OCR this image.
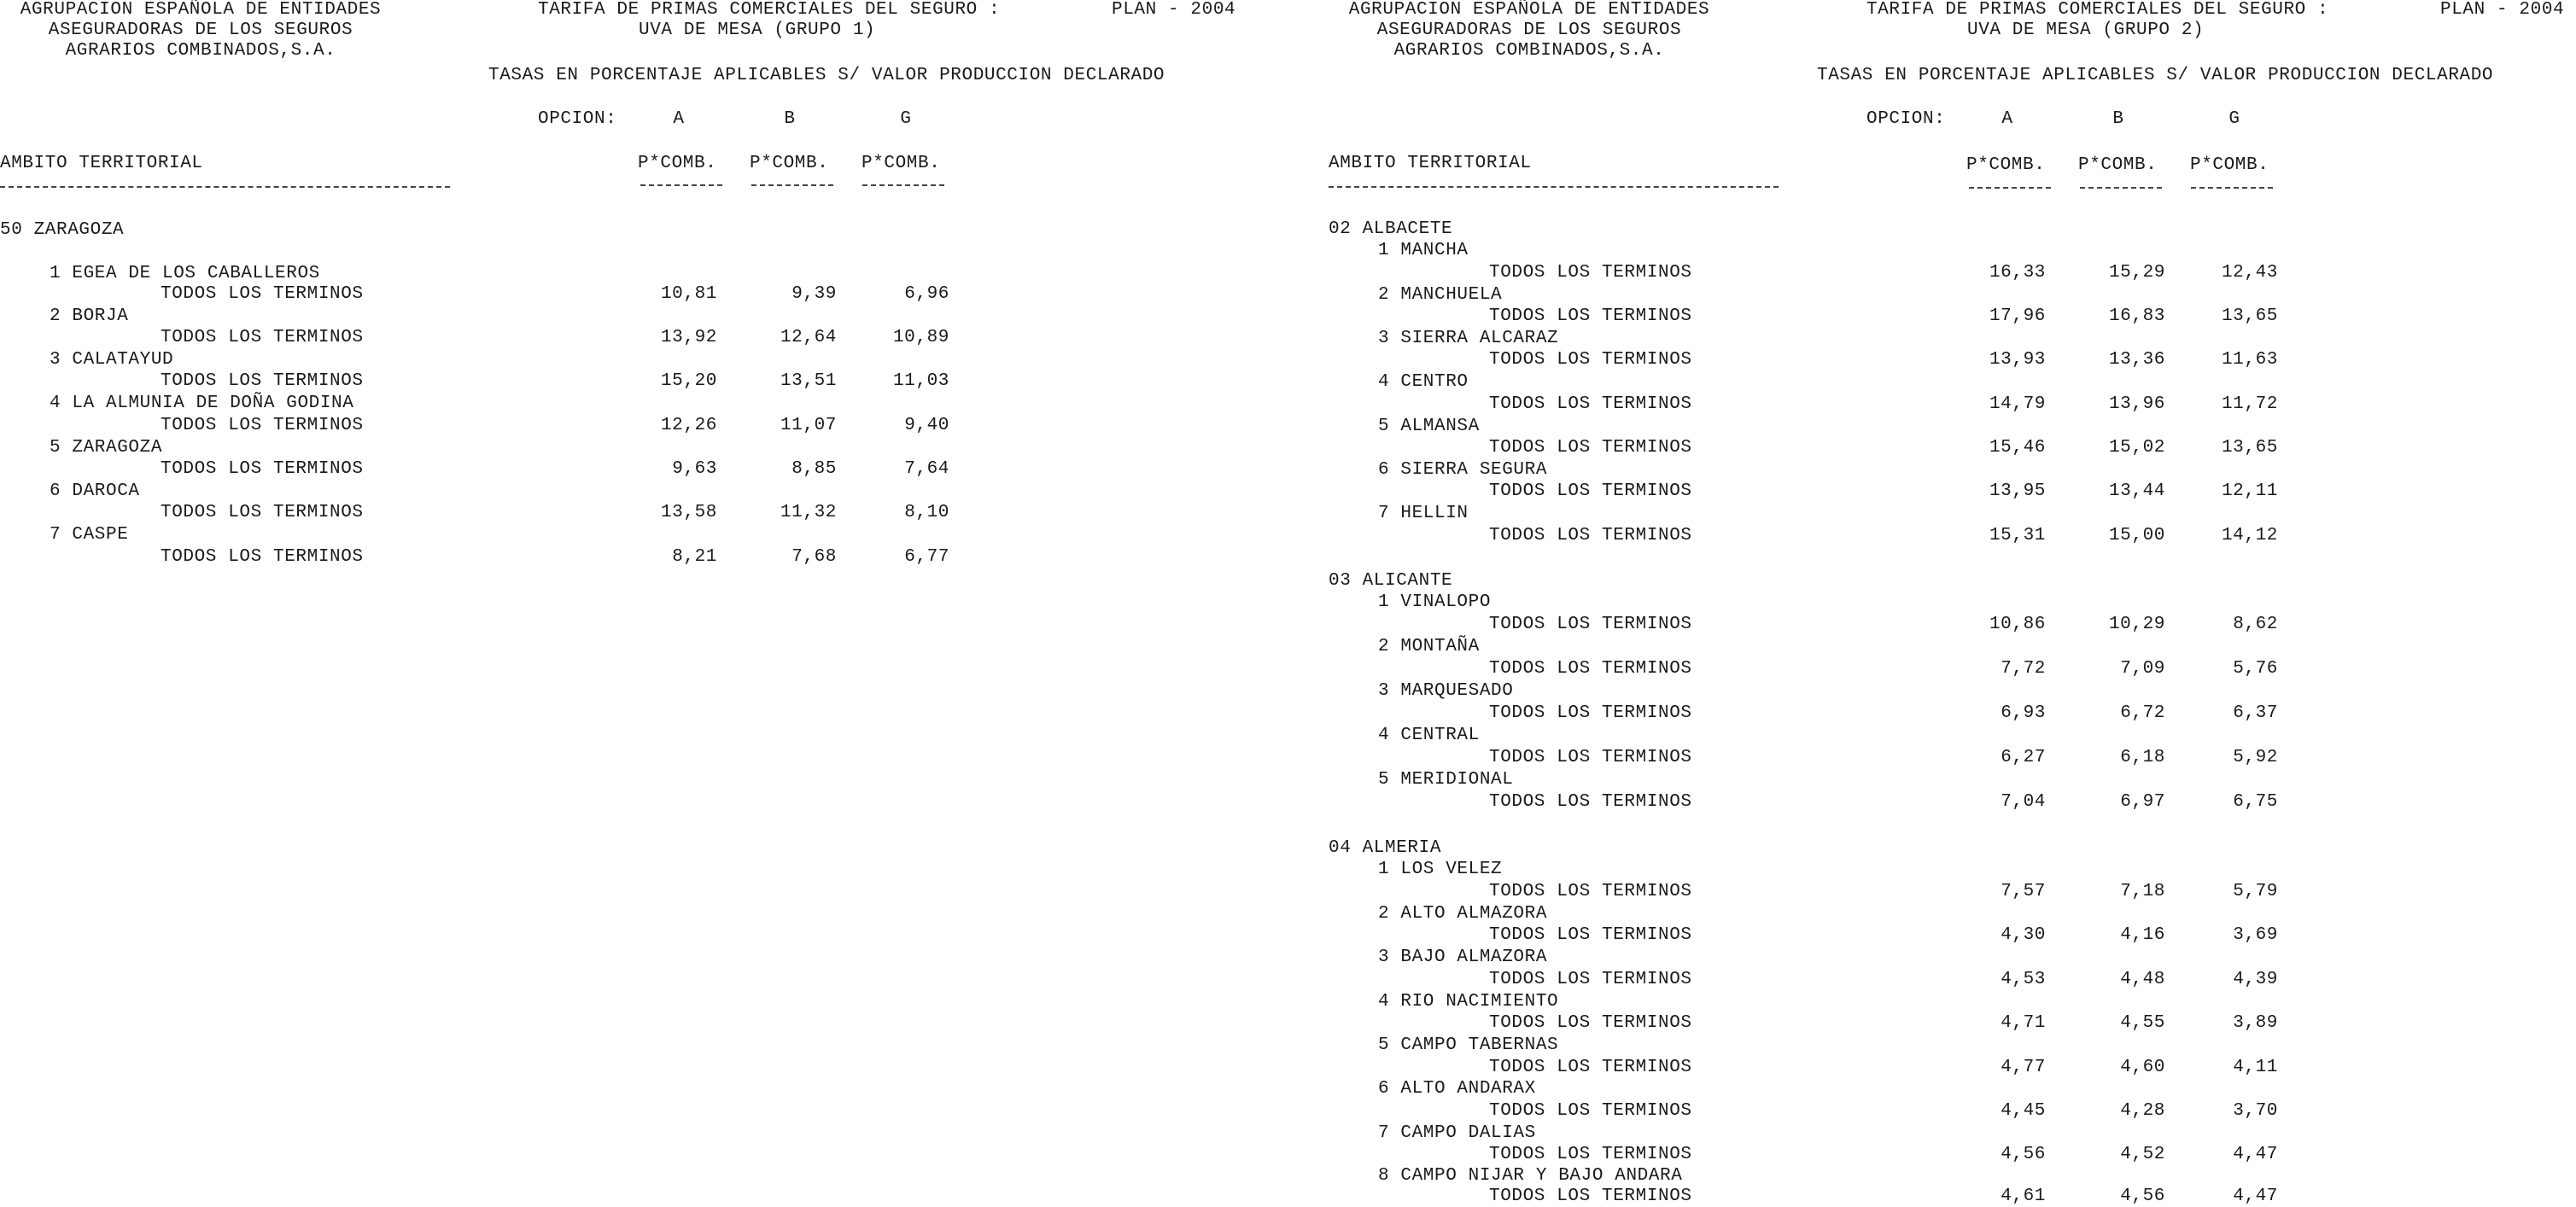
AGRUPACION ESPAÑOLA DE ENTIDADES
ASEGURADORAS DE LOS SEGUROS
AGRARIOS COMBINADOS,S.A.
TARIFA DE PRIMAS COMERCIALES DEL SEGURO :	PLAN - 2004
UVA DE MESA (GRUPO 1)
TASAS EN PORCENTAJE APLICABLES S/ VALOR PRODUCCION DECLARADO
OPCION:	A	B	G
AMBITO TERRITORIAL	P*COMB. P*COMB. P*COMB.
50 ZARAGOZA
1 EGEA DE LOS CABALLEROS
TODOS LOS TERMINOS	10,81	9,39	6,96
2 BORJA
TODOS LOS TERMINOS	13,92	12,64	10,89
3 CALATAYUD
TODOS LOS TERMINOS	15,20	13,51	11,03
4 LA ALMUNIA DE DOÑA GODINA
TODOS LOS TERMINOS	12,26	11,07	9,40
5 ZARAGOZA
TODOS LOS TERMINOS	9,63	8,85	7,64
6 DAROCA
TODOS LOS TERMINOS	13,58	11,32	8,10
7 CASPE
TODOS LOS TERMINOS	8,21	7,68	6,77
AGRUPACION ESPAÑOLA DE ENTIDADES
ASEGURADORAS DE LOS SEGUROS
AGRARIOS COMBINADOS,S.A.
TARIFA DE PRIMAS COMERCIALES DEL SEGURO :	PLAN - 2004
UVA DE MESA (GRUPO 2)
TASAS EN PORCENTAJE APLICABLES S/ VALOR PRODUCCION DECLARADO
OPCION:	A	B	G
AMBITO TERRITORIAL	P*COMB. P*COMB. P*COMB.
02 ALBACETE
1 MANCHA
TODOS LOS TERMINOS	16,33	15,29	12,43
2 MANCHUELA
TODOS LOS TERMINOS	17,96	16,83	13,65
3 SIERRA ALCARAZ
TODOS LOS TERMINOS	13,93	13,36	11,63
4 CENTRO
TODOS LOS TERMINOS	14,79	13,96	11,72
5 ALMANSA
TODOS LOS TERMINOS	15,46	15,02	13,65
6 SIERRA SEGURA
TODOS LOS TERMINOS	13,95	13,44	12,11
7 HELLIN
TODOS LOS TERMINOS	15,31	15,00	14,12
03 ALICANTE
1 VINALOPO
TODOS LOS TERMINOS	10,86	10,29	8,62
2 MONTAÑA
TODOS LOS TERMINOS	7,72	7,09	5,76
3 MARQUESADO
TODOS LOS TERMINOS	6,93	6,72	6,37
4 CENTRAL
TODOS LOS TERMINOS	6,27	6,18	5,92
5 MERIDIONAL
TODOS LOS TERMINOS	7,04	6,97	6,75
04 ALMERIA
1 LOS VELEZ
TODOS LOS TERMINOS	7,57	7,18	5,79
2 ALTO ALMAZORA
TODOS LOS TERMINOS	4,30	4,16	3,69
3 BAJO ALMAZORA
TODOS LOS TERMINOS	4,53	4,48	4,39
4 RIO NACIMIENTO
TODOS LOS TERMINOS	4,71	4,55	3,89
5 CAMPO TABERNAS
TODOS LOS TERMINOS	4,77	4,60	4,11
6 ALTO ANDARAX
TODOS LOS TERMINOS	4,45	4,28	3,70
7 CAMPO DALIAS
TODOS LOS TERMINOS	4,56	4,52	4,47
8 CAMPO NIJAR Y BAJO ANDARA
TODOS LOS TERMINOS	4,61	4,56	4,47
